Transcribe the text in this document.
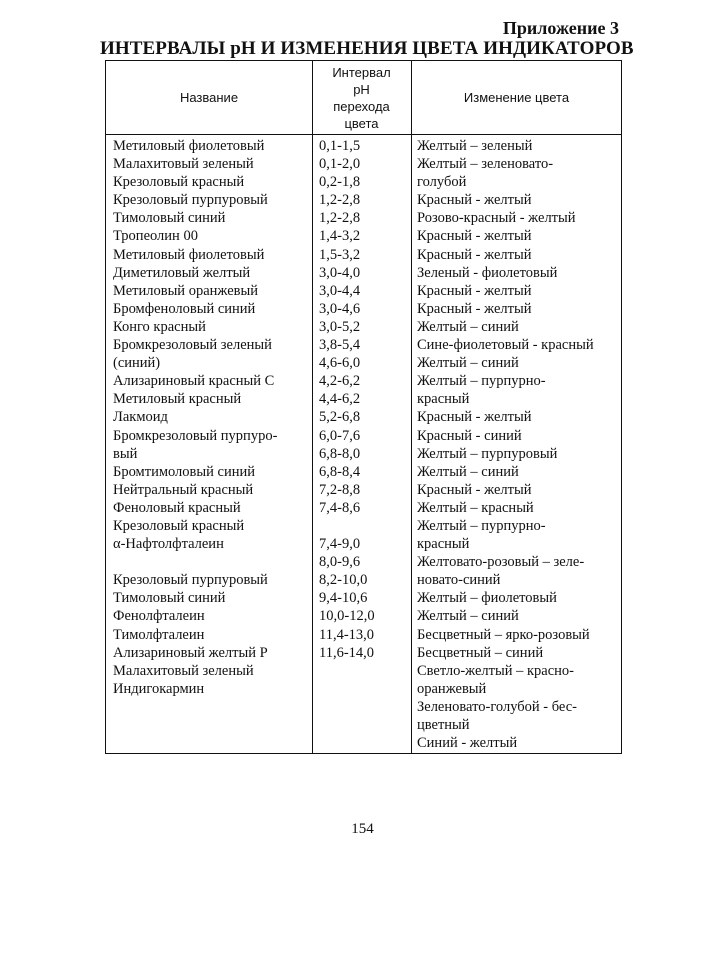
Приложение 3
ИНТЕРВАЛЫ pH И ИЗМЕНЕНИЯ ЦВЕТА ИНДИКАТОРОВ
Название
Интервал
pH
перехода
цвета
Изменение цвета
Метиловый фиолетовый
Малахитовый зеленый
Крезоловый красный
Крезоловый пурпуровый
Тимоловый синий
Тропеолин 00
Метиловый фиолетовый
Диметиловый желтый
Метиловый оранжевый
Бромфеноловый синий
Конго красный
Бромкрезоловый зеленый
(синий)
Ализариновый красный С
Метиловый красный
Лакмоид
Бромкрезоловый пурпуро-
вый
Бромтимоловый синий
Нейтральный красный
Феноловый красный
Крезоловый красный
α-Нафтолфталеин
Крезоловый пурпуровый
Тимоловый синий
Фенолфталеин
Тимолфталеин
Ализариновый желтый Р
Малахитовый зеленый
Индигокармин
0,1-1,5
0,1-2,0
0,2-1,8
1,2-2,8
1,2-2,8
1,4-3,2
1,5-3,2
3,0-4,0
3,0-4,4
3,0-4,6
3,0-5,2
3,8-5,4
4,6-6,0
4,2-6,2
4,4-6,2
5,2-6,8
6,0-7,6
6,8-8,0
6,8-8,4
7,2-8,8
7,4-8,6
7,4-9,0
8,0-9,6
8,2-10,0
9,4-10,6
10,0-12,0
11,4-13,0
11,6-14,0
Желтый – зеленый
Желтый – зеленовато-
голубой
Красный - желтый
Розово-красный - желтый
Красный - желтый
Красный - желтый
Зеленый - фиолетовый
Красный - желтый
Красный - желтый
Желтый – синий
Сине-фиолетовый - красный
Желтый – синий
Желтый – пурпурно-
красный
Красный - желтый
Красный - синий
Желтый – пурпуровый
Желтый – синий
Красный - желтый
Желтый – красный
Желтый – пурпурно-
красный
Желтовато-розовый – зеле-
новато-синий
Желтый – фиолетовый
Желтый – синий
Бесцветный – ярко-розовый
Бесцветный – синий
Светло-желтый – красно-
оранжевый
Зеленовато-голубой - бес-
цветный
Синий - желтый
154
